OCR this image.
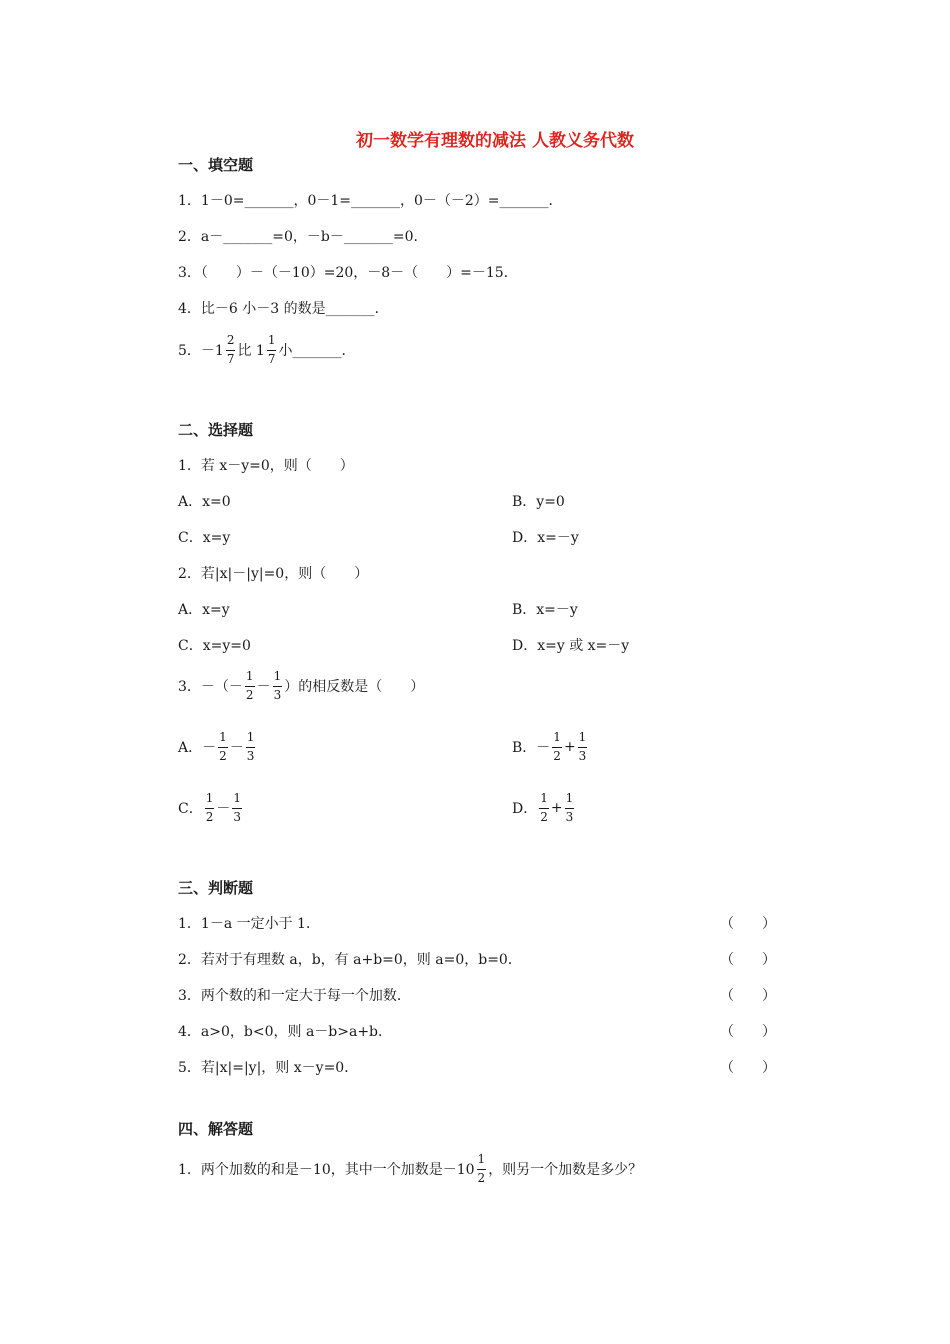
初一数学有理数的减法 人教义务代数
一、填空题
1．1－0=_______，0－1=_______，0－（－2）=_______．
2．a－_______=0，－b－_______=0．
3．（　　）－（－10）=20，－8－（　　）=－15．
4．比－6 小－3 的数是_______．
5．$-1 \frac{2}{7}$ 比 $1 \frac{1}{7}$ 小_______．
二、选择题
1．若 x－y=0，则（　　）
A．x=0	B．y=0
C．x=y	D．x=－y
2．若|x|－|y|=0，则（　　）
A．x=y	B．x=－y
C．x=y=0	D．x=y 或 x=－y
3．－（－ $\frac{1}{2} - \frac{1}{3}$ ）的相反数是（　　）
A．－ $\frac{1}{2} - \frac{1}{3}$	B．－ $\frac{1}{2} + \frac{1}{3}$
C． $\frac{1}{2} - \frac{1}{3}$	D． $\frac{1}{2} + \frac{1}{3}$
三、判断题
1．1－a 一定小于 1．	（　　）
2．若对于有理数 a，b，有 a+b=0，则 a=0，b=0．	（　　）
3．两个数的和一定大于每一个加数．	（　　）
4．a>0，b<0，则 a－b>a+b．	（　　）
5．若|x|=|y|，则 x－y=0．	（　　）
四、解答题
1．两个加数的和是－10，其中一个加数是$-10 \frac{1}{2}$ ，则另一个加数是多少？
